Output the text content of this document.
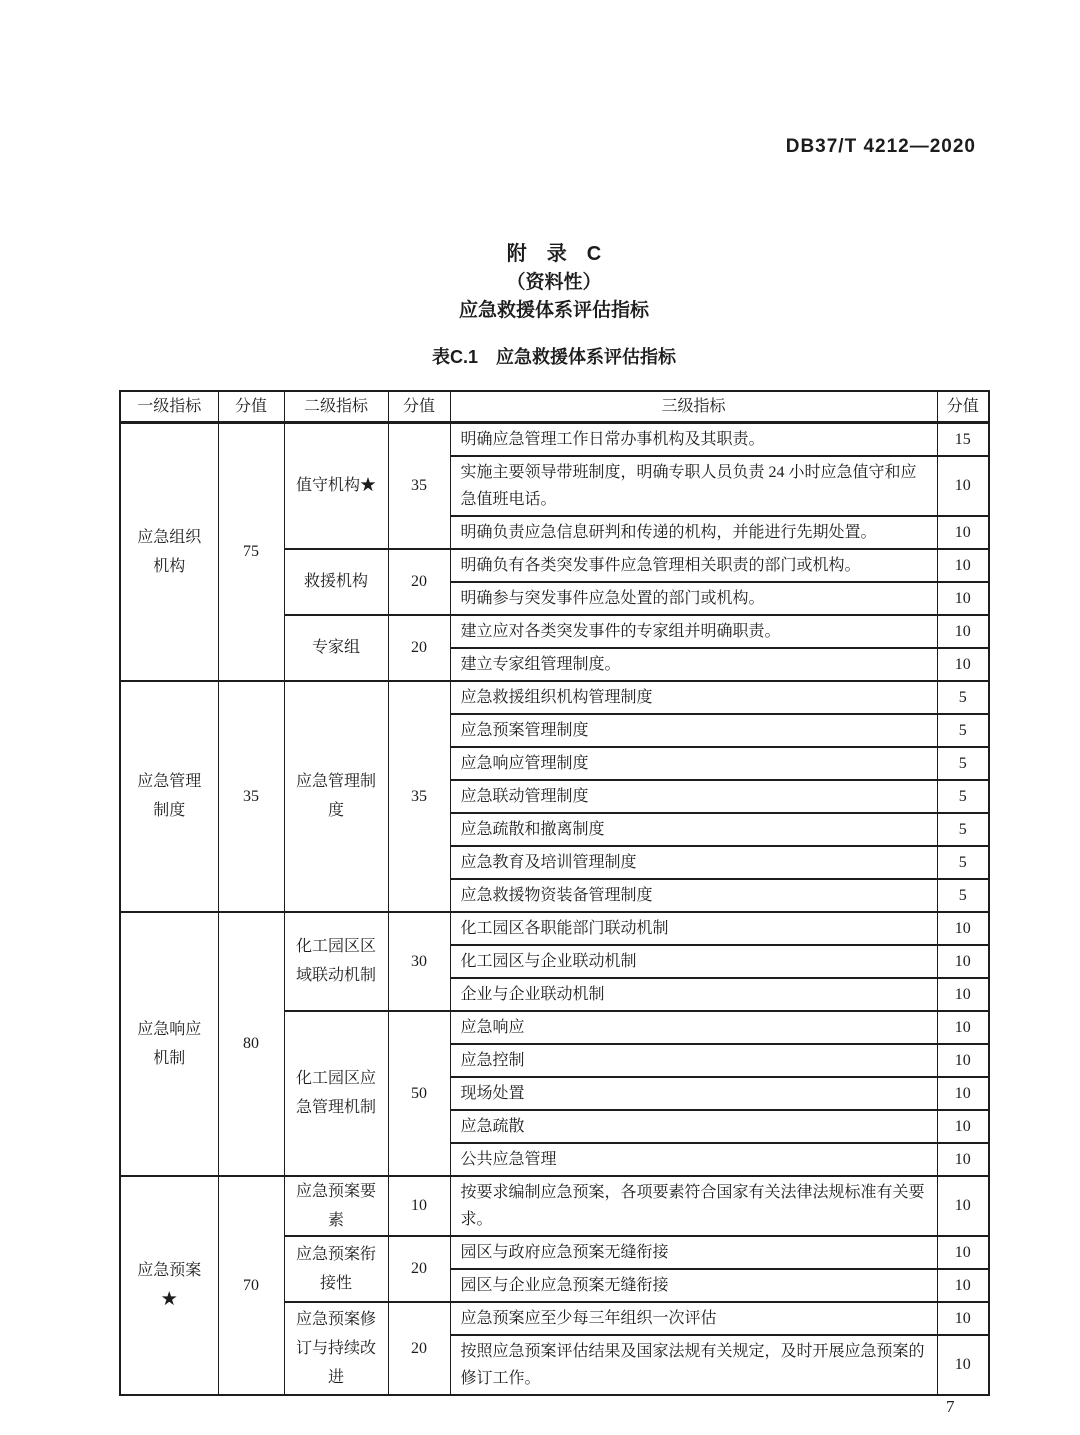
DB37/T 4212—2020
附　录　C
（资料性）
应急救援体系评估指标
表C.1　应急救援体系评估指标
一级指标	分值	二级指标	分值	三级指标	分值
应急组织机构	75	值守机构★	35	明确应急管理工作日常办事机构及其职责。	15
				实施主要领导带班制度，明确专职人员负责 24 小时应急值守和应急值班电话。	10
				明确负责应急信息研判和传递的机构，并能进行先期处置。	10
		救援机构	20	明确负有各类突发事件应急管理相关职责的部门或机构。	10
				明确参与突发事件应急处置的部门或机构。	10
		专家组	20	建立应对各类突发事件的专家组并明确职责。	10
				建立专家组管理制度。	10
应急管理制度	35	应急管理制度	35	应急救援组织机构管理制度	5
				应急预案管理制度	5
				应急响应管理制度	5
				应急联动管理制度	5
				应急疏散和撤离制度	5
				应急教育及培训管理制度	5
				应急救援物资装备管理制度	5
应急响应机制	80	化工园区区域联动机制	30	化工园区各职能部门联动机制	10
				化工园区与企业联动机制	10
				企业与企业联动机制	10
		化工园区应急管理机制	50	应急响应	10
				应急控制	10
				现场处置	10
				应急疏散	10
				公共应急管理	10
应急预案★	70	应急预案要素	10	按要求编制应急预案，各项要素符合国家有关法律法规标准有关要求。	10
		应急预案衔接性	20	园区与政府应急预案无缝衔接	10
				园区与企业应急预案无缝衔接	10
		应急预案修订与持续改进	20	应急预案应至少每三年组织一次评估	10
				按照应急预案评估结果及国家法规有关规定，及时开展应急预案的修订工作。	10
7
